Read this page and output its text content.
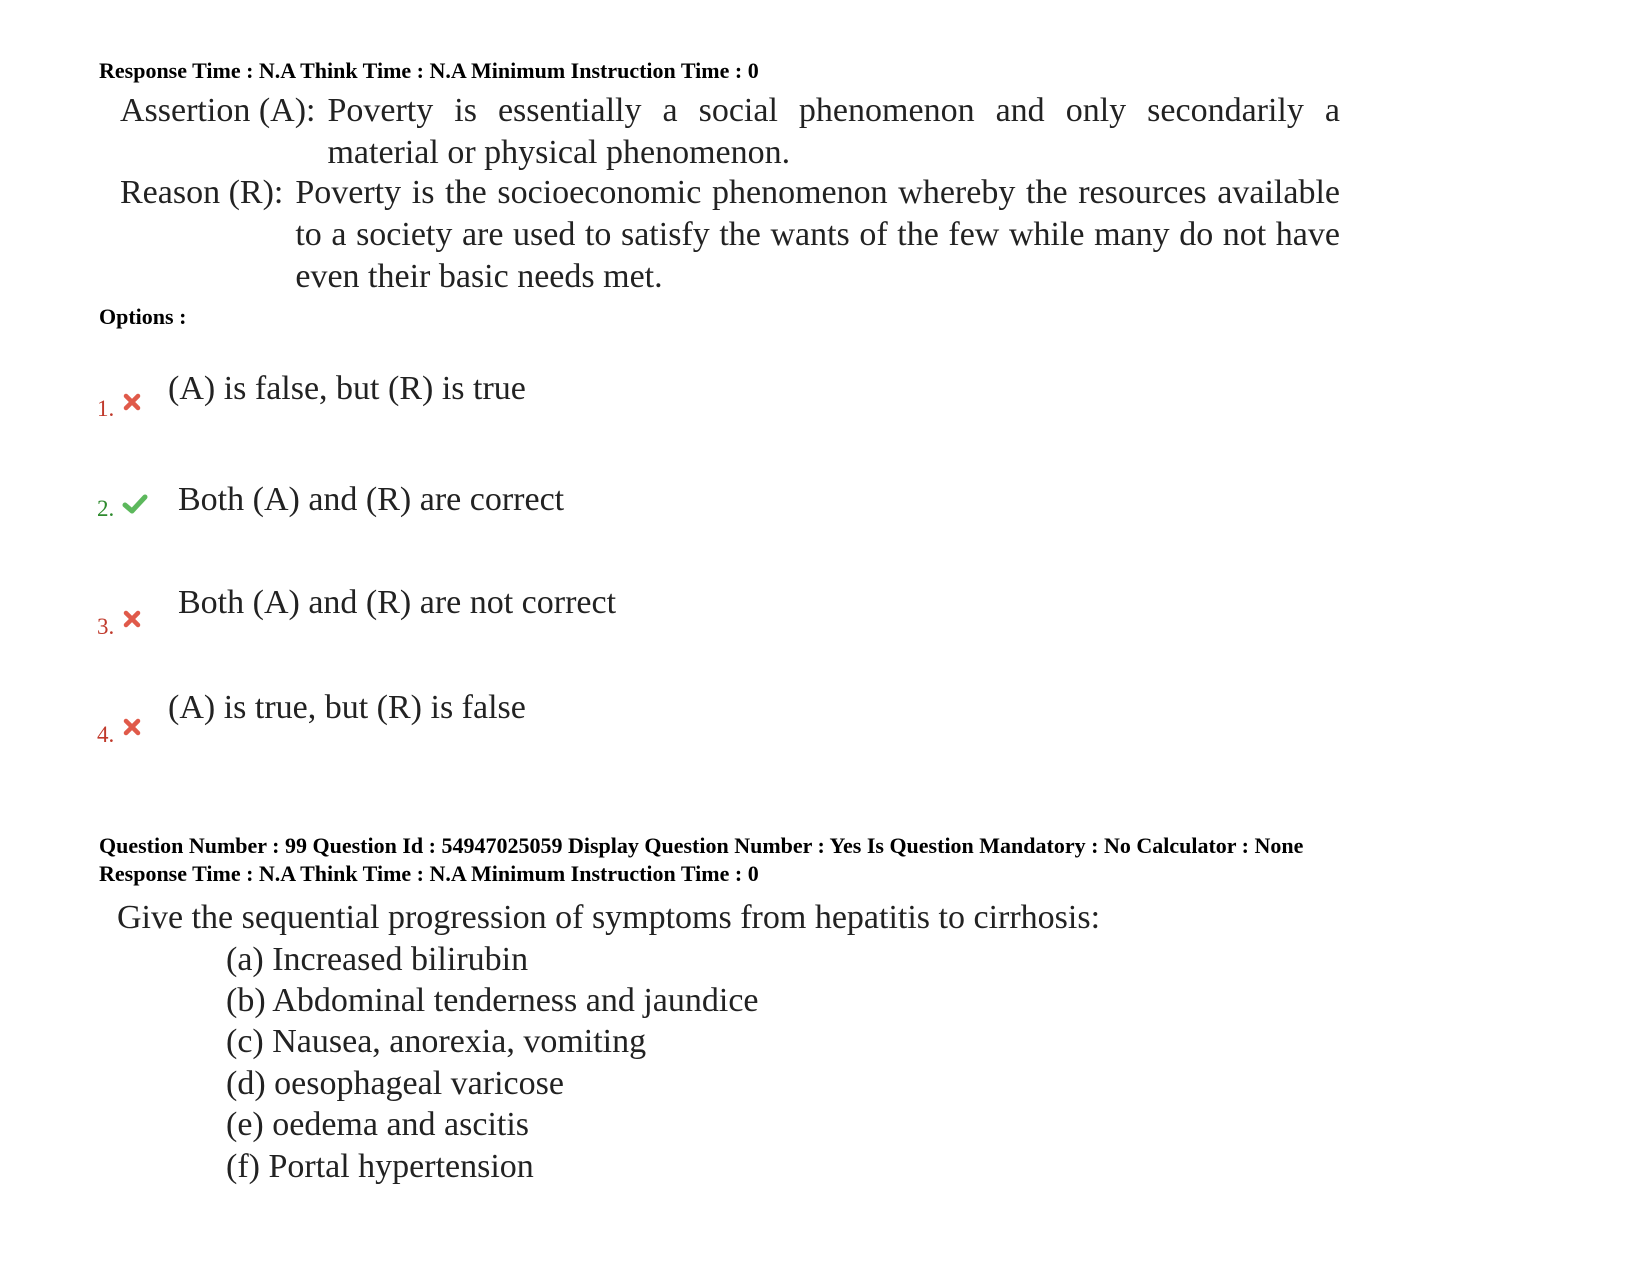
Response Time : N.A Think Time : N.A Minimum Instruction Time : 0
Assertion (A): Poverty is essentially a social phenomenon and only secondarily a material or physical phenomenon.
Reason (R): Poverty is the socioeconomic phenomenon whereby the resources available to a society are used to satisfy the wants of the few while many do not have even their basic needs met.
Options :
1.
(A) is false, but (R) is true
2. Both (A) and (R) are correct
3.
Both (A) and (R) are not correct
4.
(A) is true, but (R) is false
Question Number : 99 Question Id : 54947025059 Display Question Number : Yes Is Question Mandatory : No Calculator : None
Response Time : N.A Think Time : N.A Minimum Instruction Time : 0
Give the sequential progression of symptoms from hepatitis to cirrhosis:
(a) Increased bilirubin
(b) Abdominal tenderness and jaundice
(c) Nausea, anorexia, vomiting
(d) oesophageal varicose
(e) oedema and ascitis
(f) Portal hypertension
